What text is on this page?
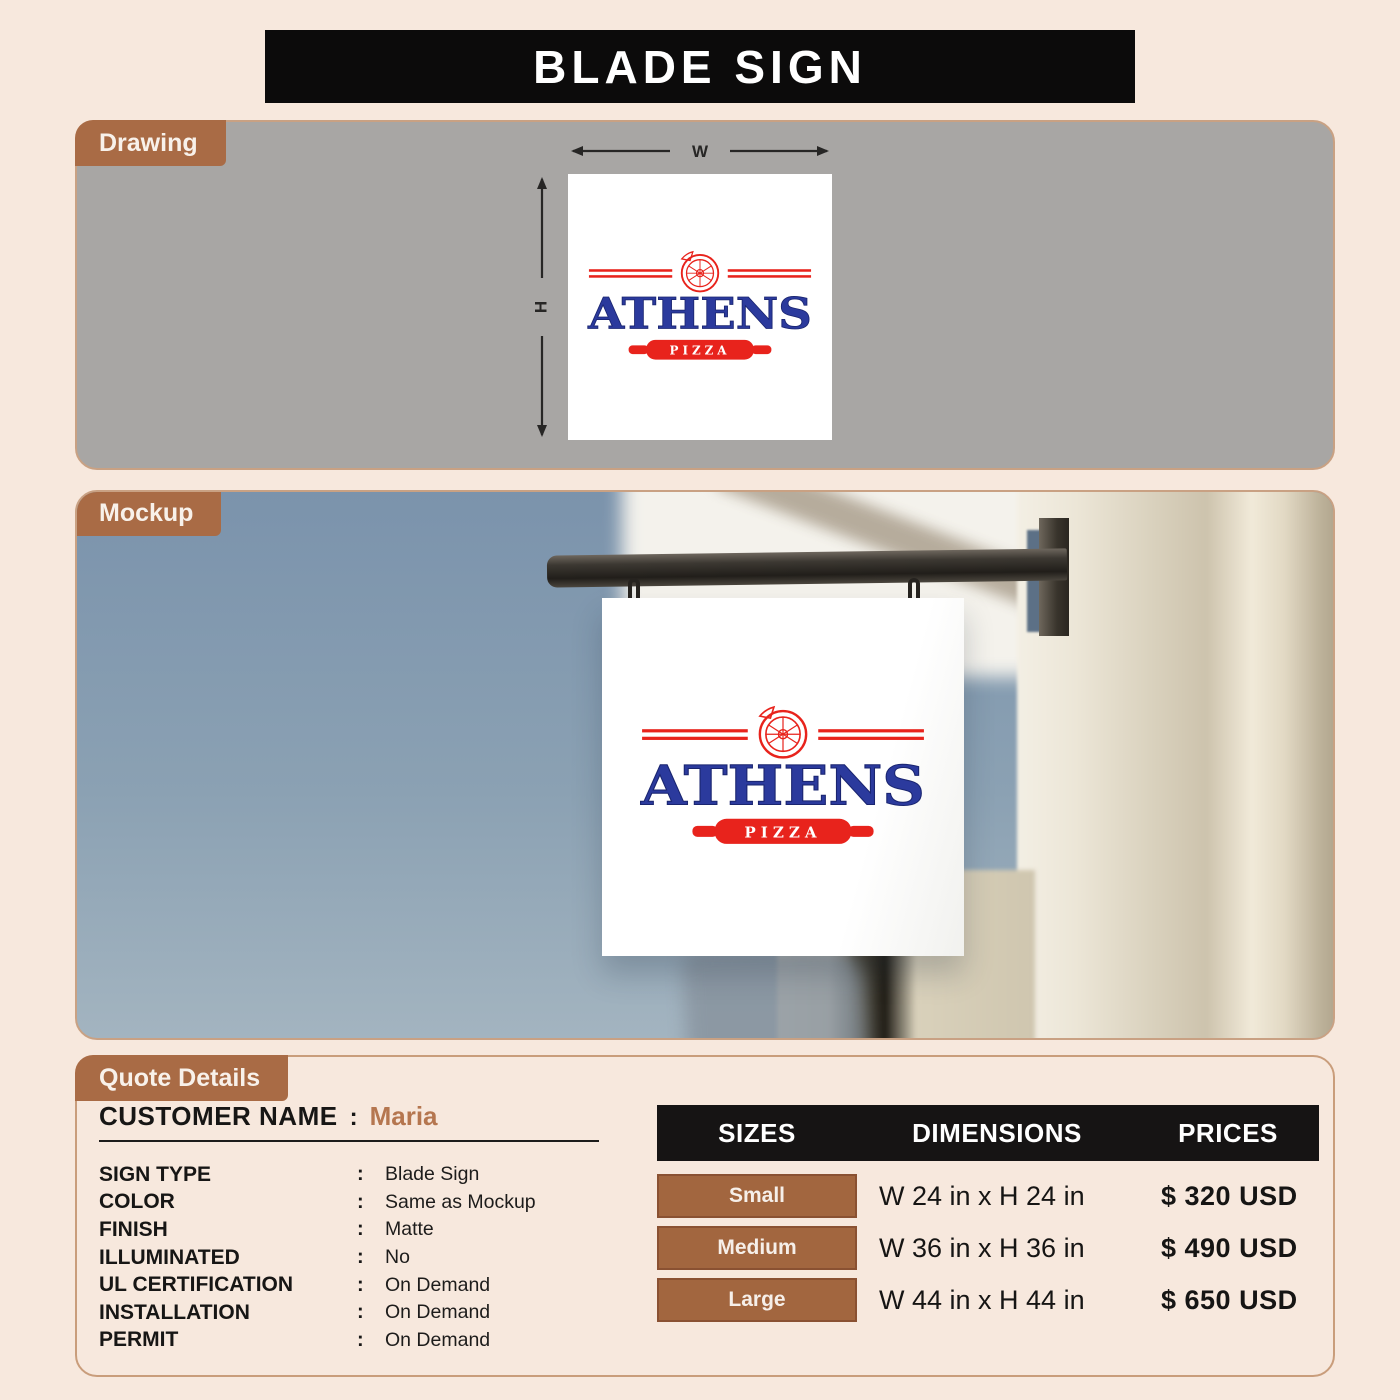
BLADE SIGN
Drawing	W
H ATHENS
PIZZA
ATHENS
PIZZA
Mockup
Quote Details
CUSTOMER NAME : Maria
SIGN TYPE	:	Blade Sign
COLOR	:	Same as Mockup
FINISH	:	Matte
ILLUMINATED	:	No
UL CERTIFICATION	:	On Demand
INSTALLATION	:	On Demand
PERMIT	:	On Demand
SIZES	DIMENSIONS	PRICES
Small	W 24 in x H 24 in	$ 320 USD
Medium	W 36 in x H 36 in	$ 490 USD
Large	W 44 in x H 44 in	$ 650 USD
